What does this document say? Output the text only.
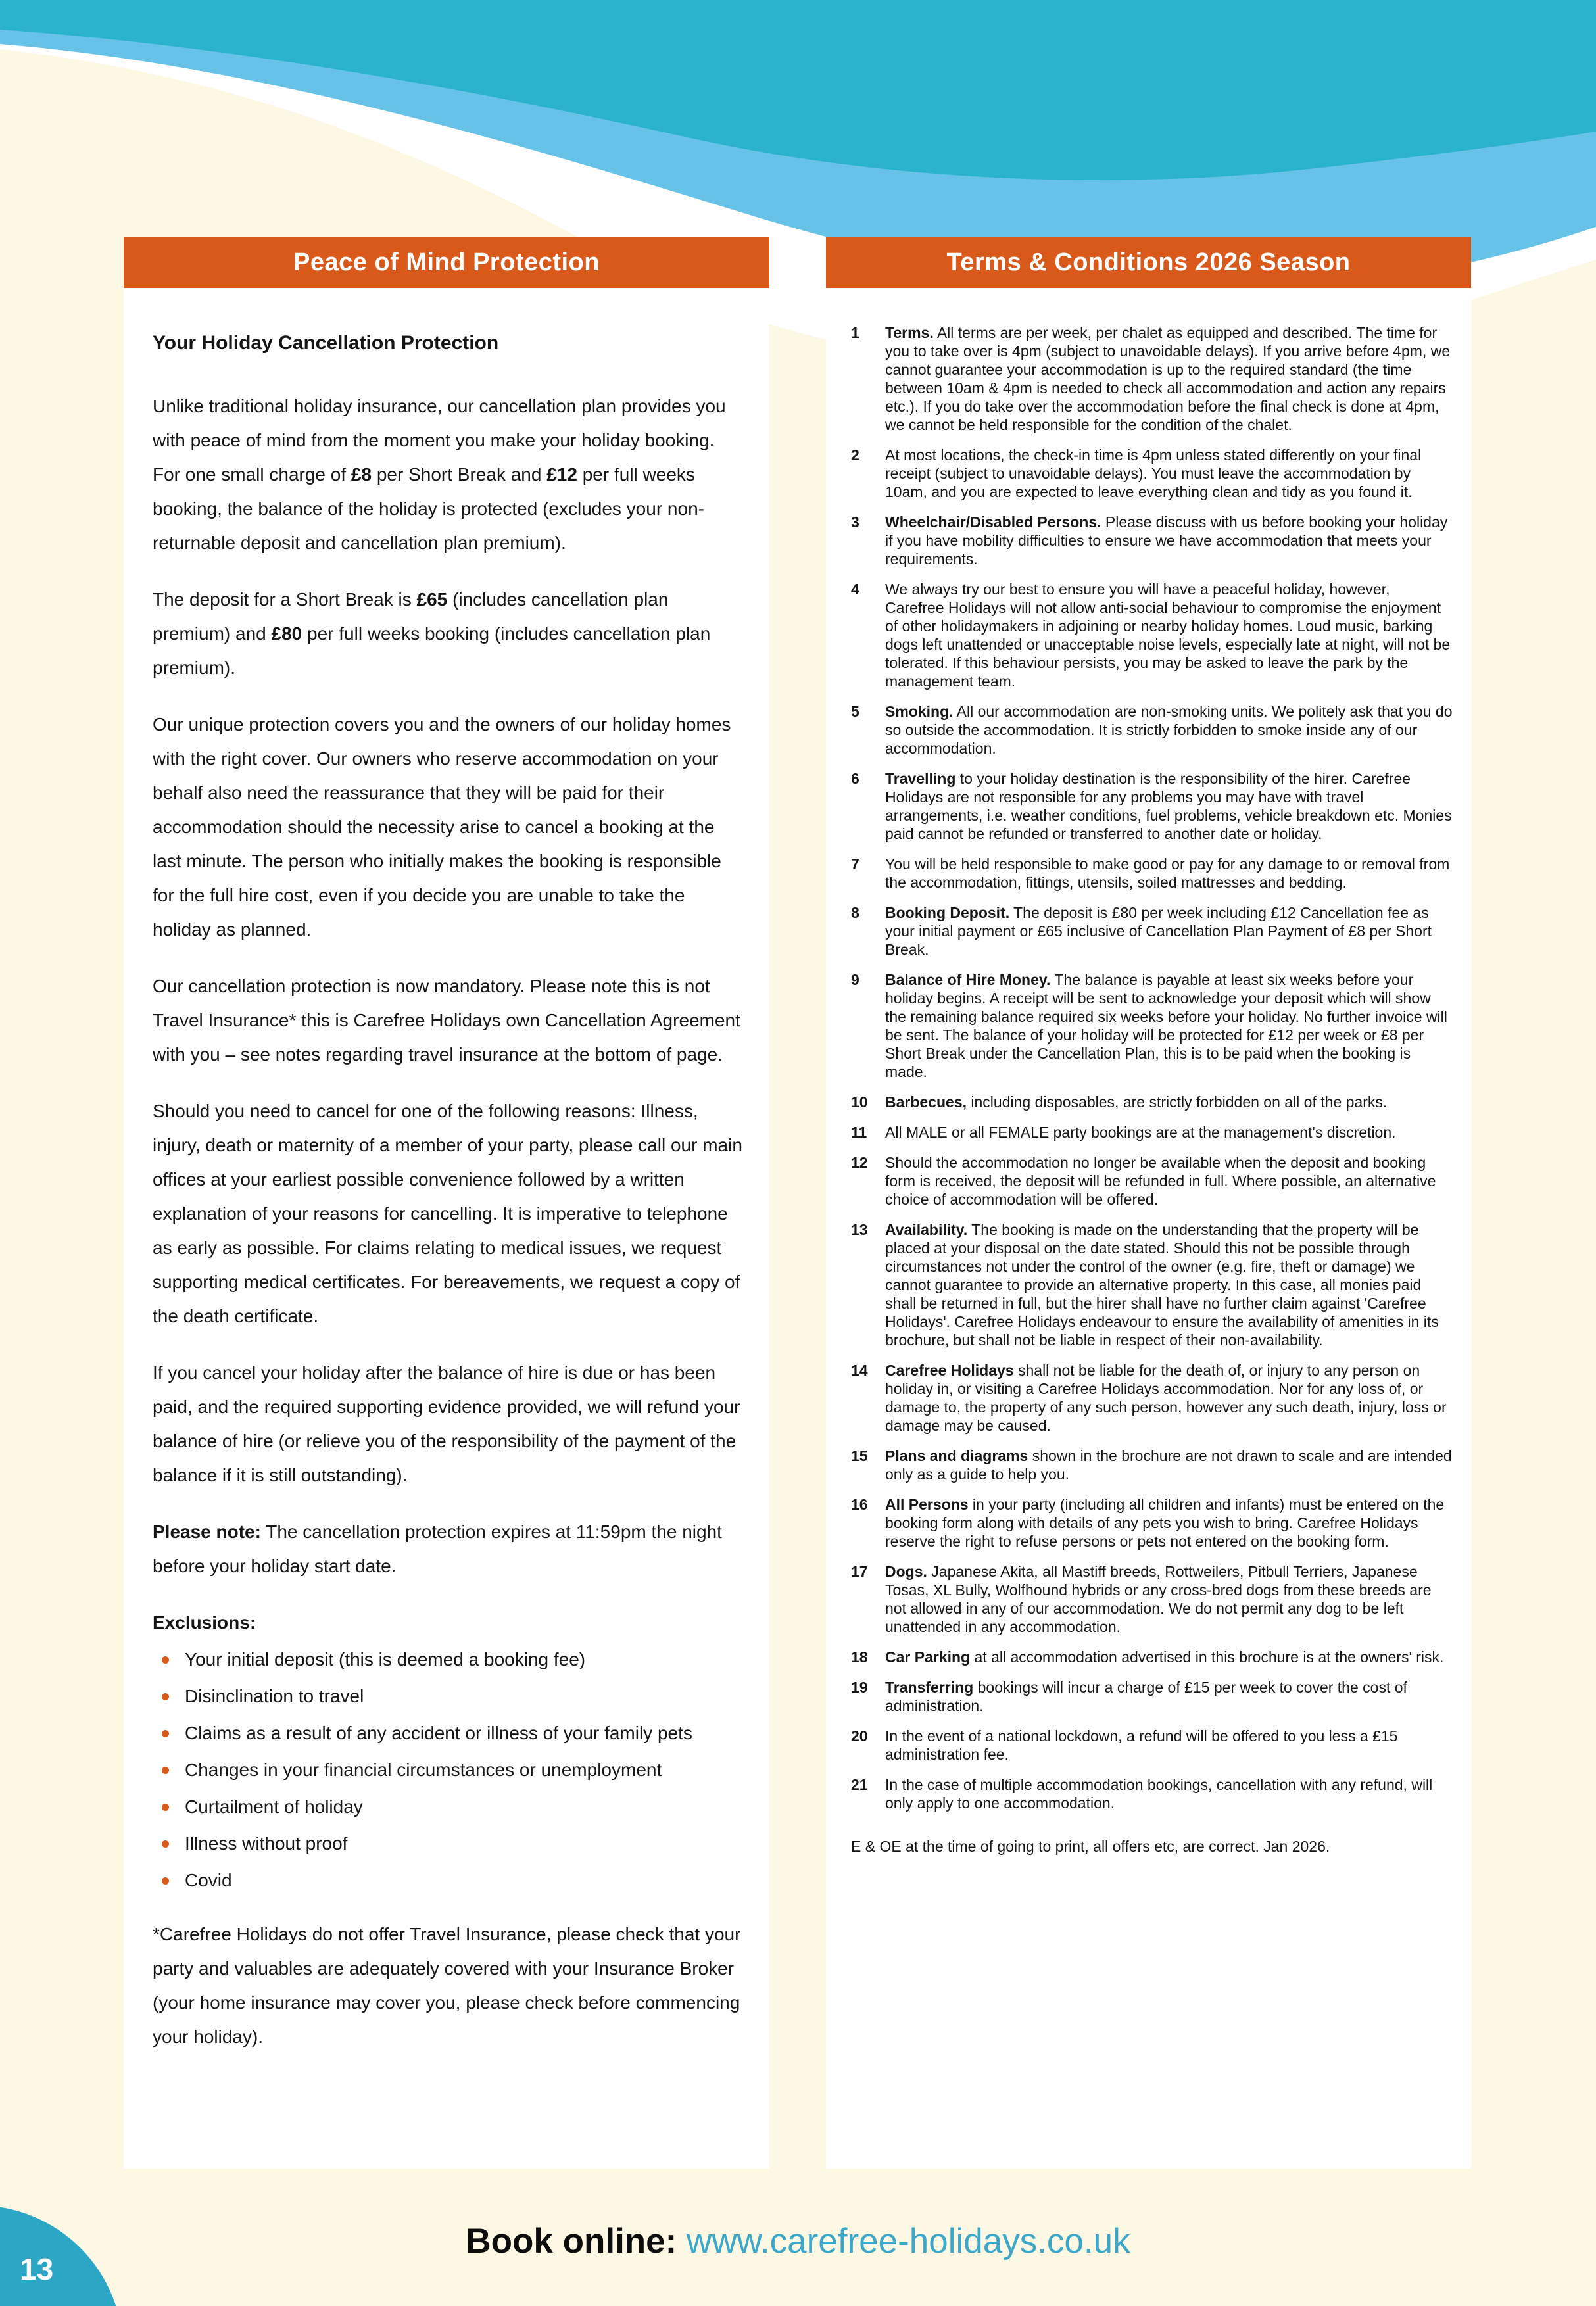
Peace of Mind Protection
Your Holiday Cancellation Protection

Unlike traditional holiday insurance, our cancellation plan provides you with peace of mind from the moment you make your holiday booking. For one small charge of £8 per Short Break and £12 per full weeks booking, the balance of the holiday is protected (excludes your non-returnable deposit and cancellation plan premium).

The deposit for a Short Break is £65 (includes cancellation plan premium) and £80 per full weeks booking (includes cancellation plan premium).

Our unique protection covers you and the owners of our holiday homes with the right cover. Our owners who reserve accommodation on your behalf also need the reassurance that they will be paid for their accommodation should the necessity arise to cancel a booking at the last minute. The person who initially makes the booking is responsible for the full hire cost, even if you decide you are unable to take the holiday as planned.

Our cancellation protection is now mandatory. Please note this is not Travel Insurance* this is Carefree Holidays own Cancellation Agreement with you – see notes regarding travel insurance at the bottom of page.

Should you need to cancel for one of the following reasons: Illness, injury, death or maternity of a member of your party, please call our main offices at your earliest possible convenience followed by a written explanation of your reasons for cancelling. It is imperative to telephone as early as possible. For claims relating to medical issues, we request supporting medical certificates. For bereavements, we request a copy of the death certificate.

If you cancel your holiday after the balance of hire is due or has been paid, and the required supporting evidence provided, we will refund your balance of hire (or relieve you of the responsibility of the payment of the balance if it is still outstanding).

Please note: The cancellation protection expires at 11:59pm the night before your holiday start date.

Exclusions:

Your initial deposit (this is deemed a booking fee)
Disinclination to travel
Claims as a result of any accident or illness of your family pets
Changes in your financial circumstances or unemployment
Curtailment of holiday
Illness without proof
Covid

*Carefree Holidays do not offer Travel Insurance, please check that your party and valuables are adequately covered with your Insurance Broker (your home insurance may cover you, please check before commencing your holiday).

Terms & Conditions 2026 Season
1	Terms. All terms are per week, per chalet as equipped and described. The time for you to take over is 4pm (subject to unavoidable delays). If you arrive before 4pm, we cannot guarantee your accommodation is up to the required standard (the time between 10am & 4pm is needed to check all accommodation and action any repairs etc.). If you do take over the accommodation before the final check is done at 4pm, we cannot be held responsible for the condition of the chalet.
2	At most locations, the check-in time is 4pm unless stated differently on your final receipt (subject to unavoidable delays). You must leave the accommodation by 10am, and you are expected to leave everything clean and tidy as you found it.
3	Wheelchair/Disabled Persons. Please discuss with us before booking your holiday if you have mobility difficulties to ensure we have accommodation that meets your requirements.
4	We always try our best to ensure you will have a peaceful holiday, however, Carefree Holidays will not allow anti-social behaviour to compromise the enjoyment of other holidaymakers in adjoining or nearby holiday homes. Loud music, barking dogs left unattended or unacceptable noise levels, especially late at night, will not be tolerated. If this behaviour persists, you may be asked to leave the park by the management team.
5	Smoking. All our accommodation are non-smoking units. We politely ask that you do so outside the accommodation. It is strictly forbidden to smoke inside any of our accommodation.
6	Travelling to your holiday destination is the responsibility of the hirer. Carefree Holidays are not responsible for any problems you may have with travel arrangements, i.e. weather conditions, fuel problems, vehicle breakdown etc. Monies paid cannot be refunded or transferred to another date or holiday.
7	You will be held responsible to make good or pay for any damage to or removal from the accommodation, fittings, utensils, soiled mattresses and bedding.
8	Booking Deposit. The deposit is £80 per week including £12 Cancellation fee as your initial payment or £65 inclusive of Cancellation Plan Payment of £8 per Short Break.
9	Balance of Hire Money. The balance is payable at least six weeks before your holiday begins. A receipt will be sent to acknowledge your deposit which will show the remaining balance required six weeks before your holiday. No further invoice will be sent. The balance of your holiday will be protected for £12 per week or £8 per Short Break under the Cancellation Plan, this is to be paid when the booking is made.
10	Barbecues, including disposables, are strictly forbidden on all of the parks.
11	All MALE or all FEMALE party bookings are at the management's discretion.
12	Should the accommodation no longer be available when the deposit and booking form is received, the deposit will be refunded in full. Where possible, an alternative choice of accommodation will be offered.
13	Availability. The booking is made on the understanding that the property will be placed at your disposal on the date stated. Should this not be possible through circumstances not under the control of the owner (e.g. fire, theft or damage) we cannot guarantee to provide an alternative property. In this case, all monies paid shall be returned in full, but the hirer shall have no further claim against 'Carefree Holidays'. Carefree Holidays endeavour to ensure the availability of amenities in its brochure, but shall not be liable in respect of their non-availability.
14	Carefree Holidays shall not be liable for the death of, or injury to any person on holiday in, or visiting a Carefree Holidays accommodation. Nor for any loss of, or damage to, the property of any such person, however any such death, injury, loss or damage may be caused.
15	Plans and diagrams shown in the brochure are not drawn to scale and are intended only as a guide to help you.
16	All Persons in your party (including all children and infants) must be entered on the booking form along with details of any pets you wish to bring. Carefree Holidays reserve the right to refuse persons or pets not entered on the booking form.
17	Dogs. Japanese Akita, all Mastiff breeds, Rottweilers, Pitbull Terriers, Japanese Tosas, XL Bully, Wolfhound hybrids or any cross-bred dogs from these breeds are not allowed in any of our accommodation. We do not permit any dog to be left unattended in any accommodation.
18	Car Parking at all accommodation advertised in this brochure is at the owners' risk.
19	Transferring bookings will incur a charge of £15 per week to cover the cost of administration.
20	In the event of a national lockdown, a refund will be offered to you less a £15 administration fee.
21	In the case of multiple accommodation bookings, cancellation with any refund, will only apply to one accommodation.

E & OE at the time of going to print, all offers etc, are correct. Jan 2026.

Book online: www.carefree-holidays.co.uk
13
